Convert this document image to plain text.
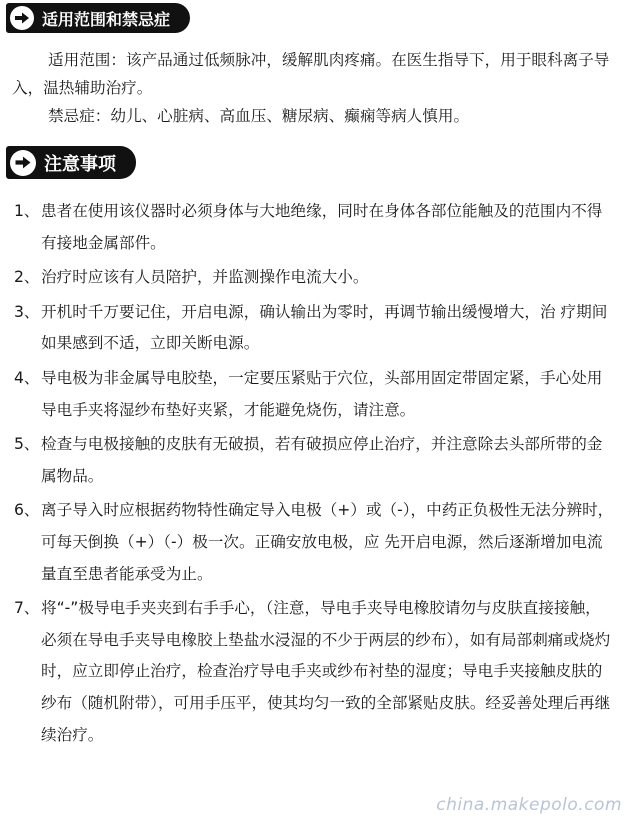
适用范围和禁忌症

适用范围：该产品通过低频脉冲，缓解肌肉疼痛。在医生指导下，用于眼科离子导入，温热辅助治疗。

禁忌症：幼儿、心脏病、高血压、糖尿病、癫痫等病人慎用。

注意事项
1、 患者在使用该仪器时必须身体与大地绝缘，同时在身体各部位能触及的范围内不得有接地金属部件。
2、 治疗时应该有人员陪护，并监测操作电流大小。
3、 开机时千万要记住，开启电源，确认输出为零时，再调节输出缓慢增大，治 疗期间如果感到不适，立即关断电源。
4、 导电极为非金属导电胶垫，一定要压紧贴于穴位，头部用固定带固定紧，手心处用导电手夹将湿纱布垫好夹紧，才能避免烧伤，请注意。
5、 检查与电极接触的皮肤有无破损，若有破损应停止治疗，并注意除去头部所带的金属物品。
6、 离子导入时应根据药物特性确定导入电极（+）或（-），中药正负极性无法分辨时，可每天倒换（+）（-）极一次。正确安放电极，应 先开启电源，然后逐渐增加电流量直至患者能承受为止。
7、 将“-”极导电手夹夹到右手手心，（注意，导电手夹导电橡胶请勿与皮肤直接接触，必须在导电手夹导电橡胶上垫盐水浸湿的不少于两层的纱布），如有局部刺痛或烧灼时，应立即停止治疗，检查治疗导电手夹或纱布衬垫的湿度；导电手夹接触皮肤的纱布（随机附带），可用手压平，使其均匀一致的全部紧贴皮肤。经妥善处理后再继续治疗。
china.makepolo.com
